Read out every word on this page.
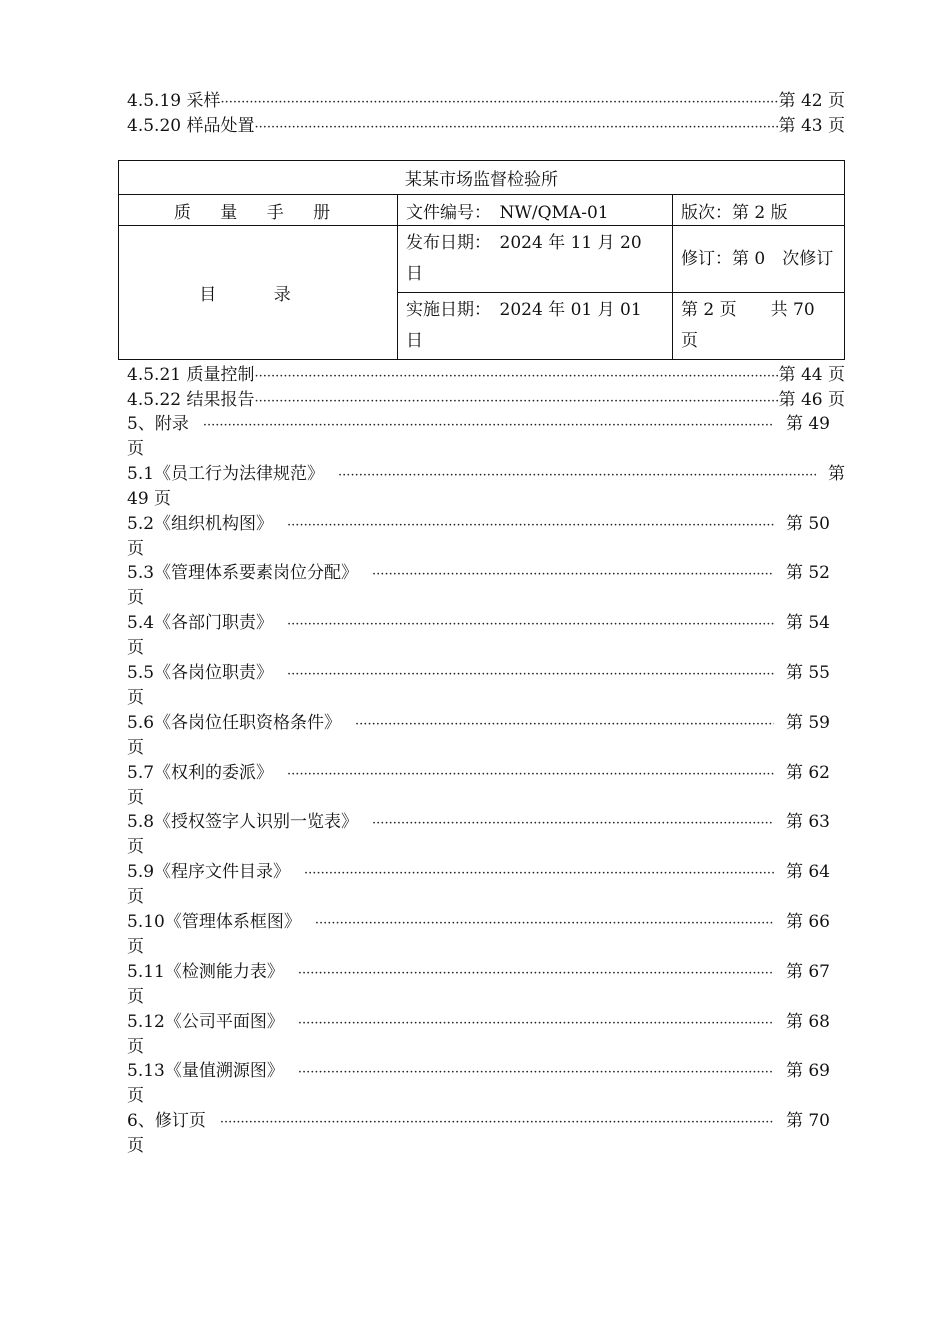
4.5.19 采样 ·····	第 42 页
4.5.20 样品处置 ·····	第 43 页
某某市场监督检验所		
质 量 手 册	文件编号：　NW/QMA-01	版次：第 2 版
目 录	发布日期：　2024 年 11 月 20 日	修订：第 0　次修订
	实施日期：　2024 年 01 月 01 日	第 2 页　　共 70 页
4.5.21 质量控制 ·····	第 44 页
4.5.22 结果报告 ·····	第 46 页
5、附录 ·····	第 49
页
5.1《员工行为法律规范》 ·····	第
49 页
5.2《组织机构图》 ·····	第 50
页
5.3《管理体系要素岗位分配》 ·····	第 52
页
5.4《各部门职责》 ·····	第 54
页
5.5《各岗位职责》 ·····	第 55
页
5.6《各岗位任职资格条件》 ·····	第 59
页
5.7《权利的委派》 ·····	第 62
页
5.8《授权签字人识别一览表》 ·····	第 63
页
5.9《程序文件目录》 ·····	第 64
页
5.10《管理体系框图》 ·····	第 66
页
5.11《检测能力表》 ·····	第 67
页
5.12《公司平面图》 ·····	第 68
页
5.13《量值溯源图》 ·····	第 69
页
6、修订页 ·····	第 70
页
